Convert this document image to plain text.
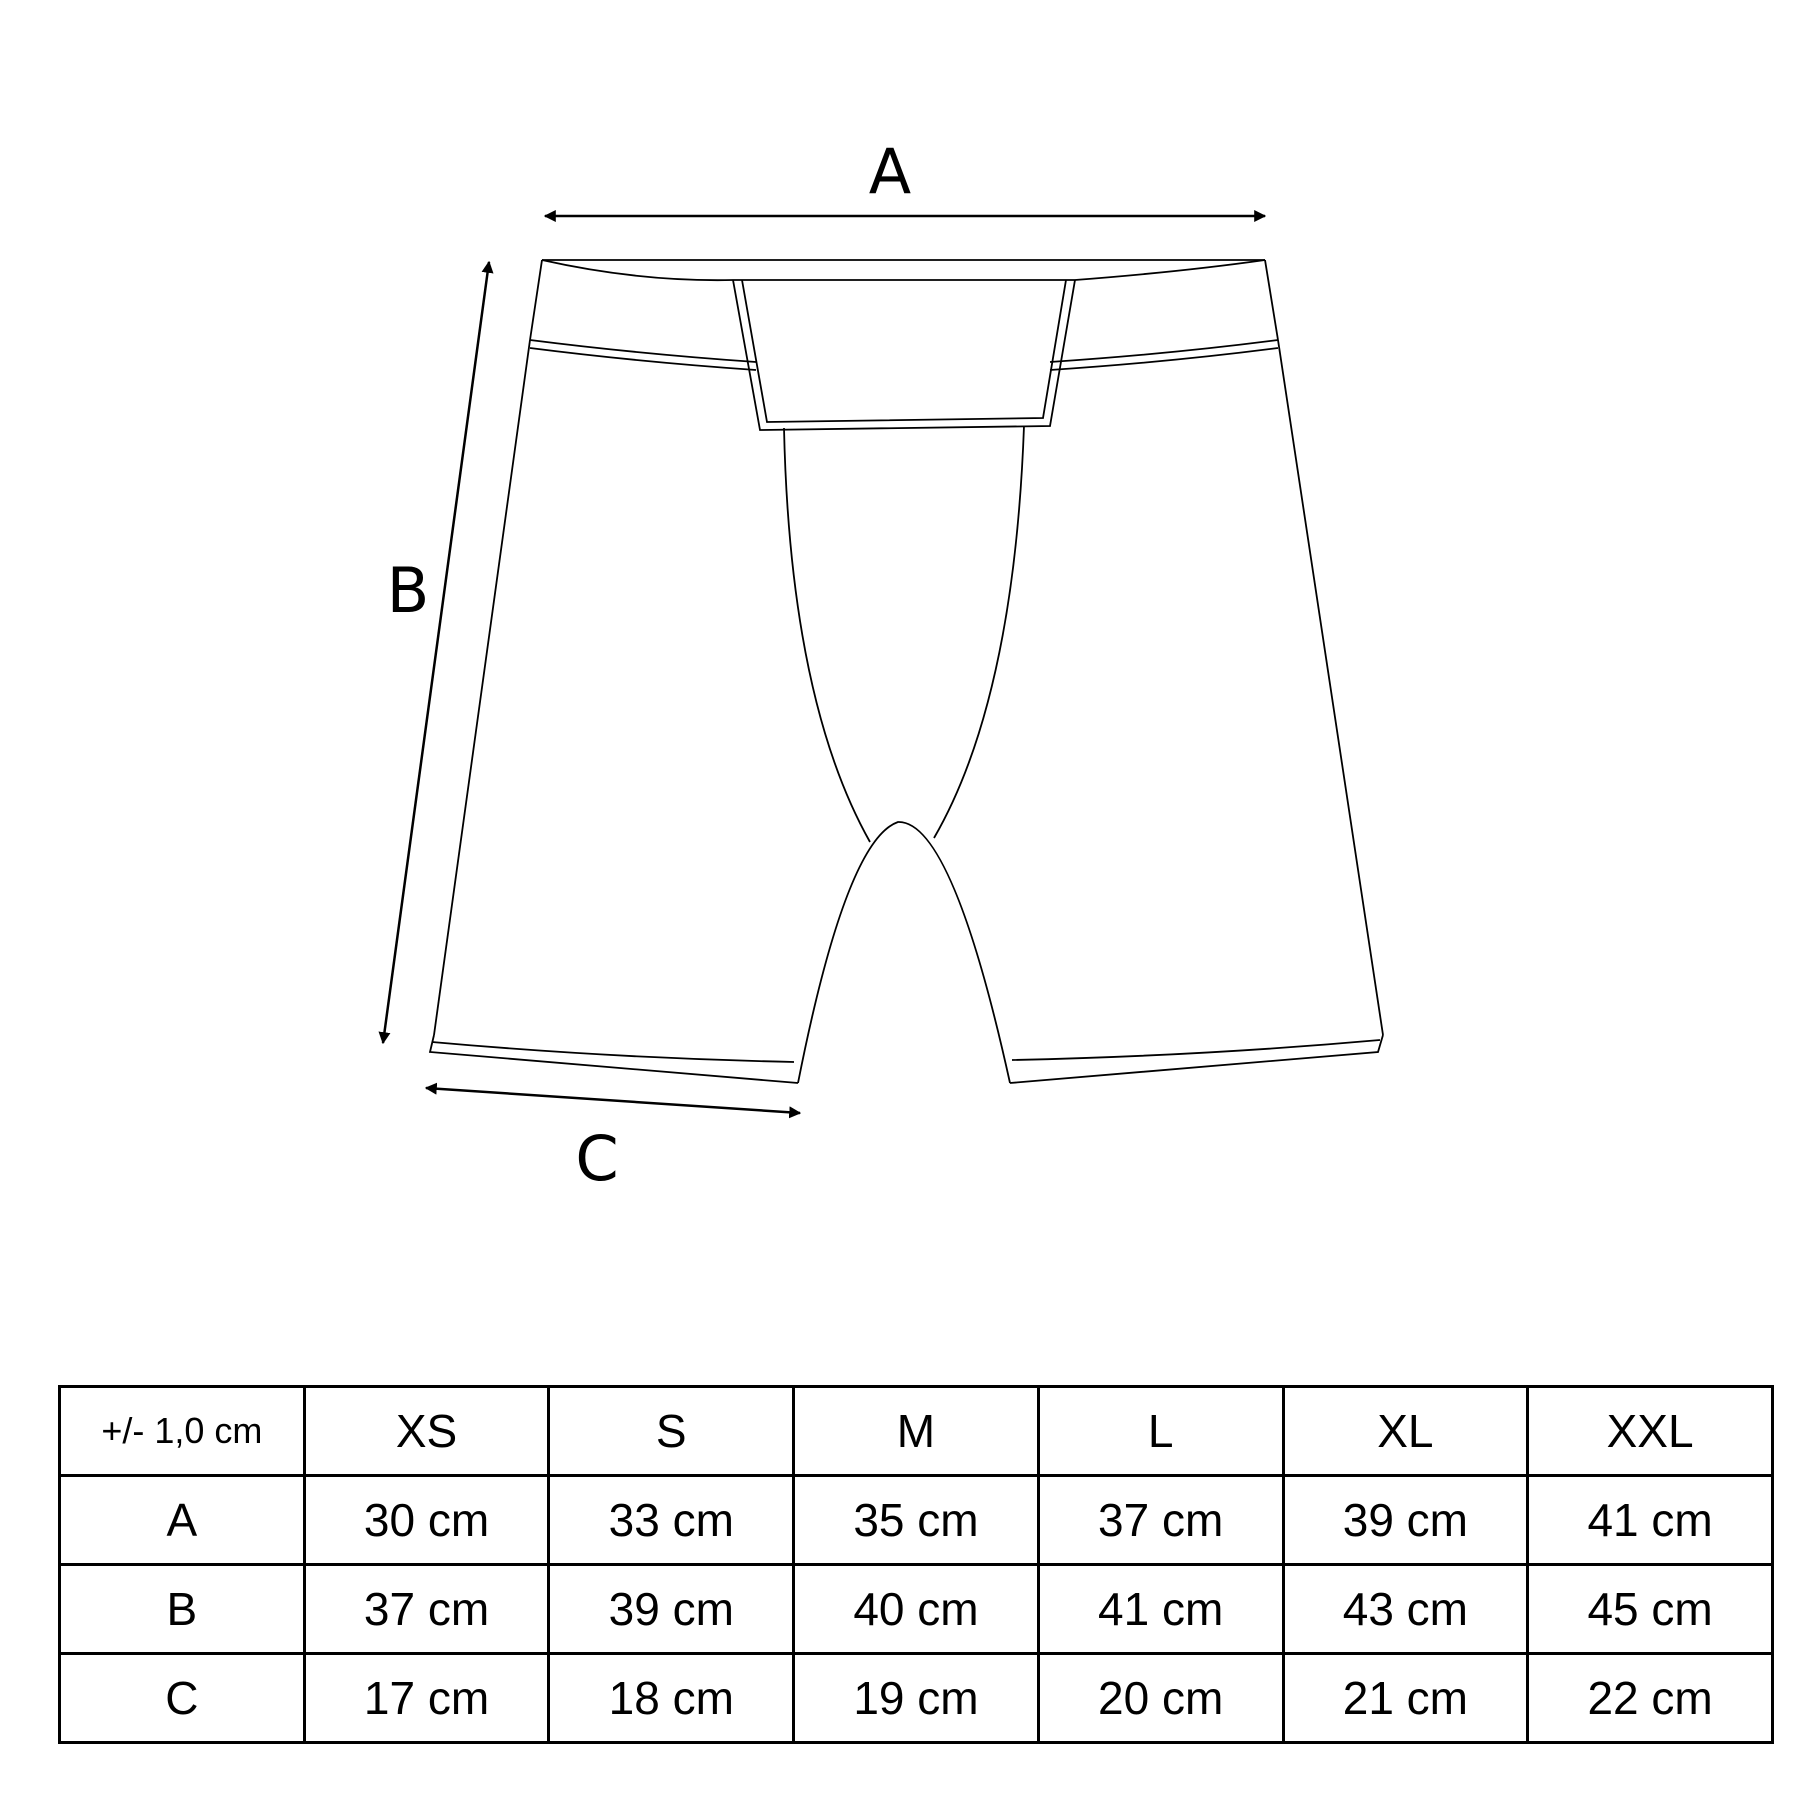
A
B
C
+/- 1,0 cm	XS	S	M	L	XL	XXL
A	30 cm	33 cm	35 cm	37 cm	39 cm	41 cm
B	37 cm	39 cm	40 cm	41 cm	43 cm	45 cm
C	17 cm	18 cm	19 cm	20 cm	21 cm	22 cm
